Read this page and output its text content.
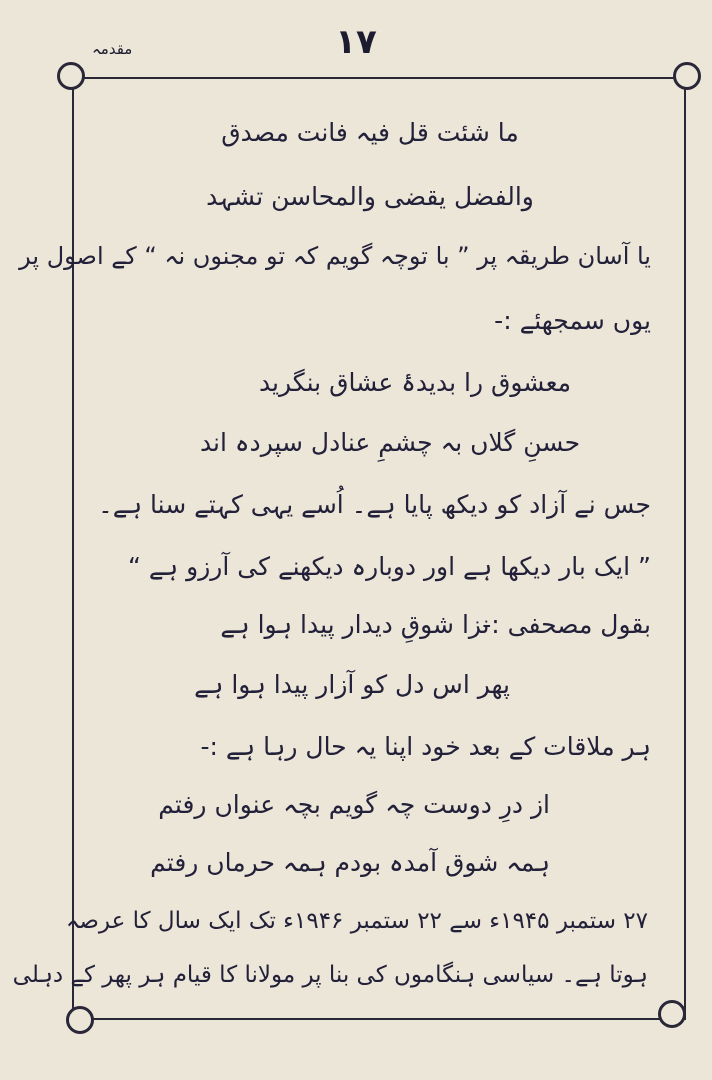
۱۷
مقدمہ
ما شئت قل فیہ فانت مصدق
والفضل یقضی والمحاسن تشہد
یا آسان طریقہ پر ” با توچہ گویم کہ تو مجنوں نہ “ کے اصول پر
یوں سمجھئے :-
معشوق را بدیدۂ عشاق بنگرید
حسنِ گلاں بہ چشمِ عنادل سپردہ اند
جس نے آزاد کو دیکھ پایا ہے۔ اُسے یہی کہتے سنا ہے۔
” ایک بار دیکھا ہے اور دوبارہ دیکھنے کی آرزو ہے “
بقول مصحفی :-
نزا شوقِ دیدار پیدا ہوا ہے
پھر اس دل کو آزار پیدا ہوا ہے
ہر ملاقات کے بعد خود اپنا یہ حال رہا ہے :-
از درِ دوست چہ گویم بچہ عنواں رفتم
ہمہ شوق آمدہ بودم ہمہ حرماں رفتم
۲۷ ستمبر ۱۹۴۵ء سے ۲۲ ستمبر ۱۹۴۶ء تک ایک سال کا عرصہ
ہوتا ہے۔ سیاسی ہنگاموں کی بنا پر مولانا کا قیام ہر پھر کے دہلی
